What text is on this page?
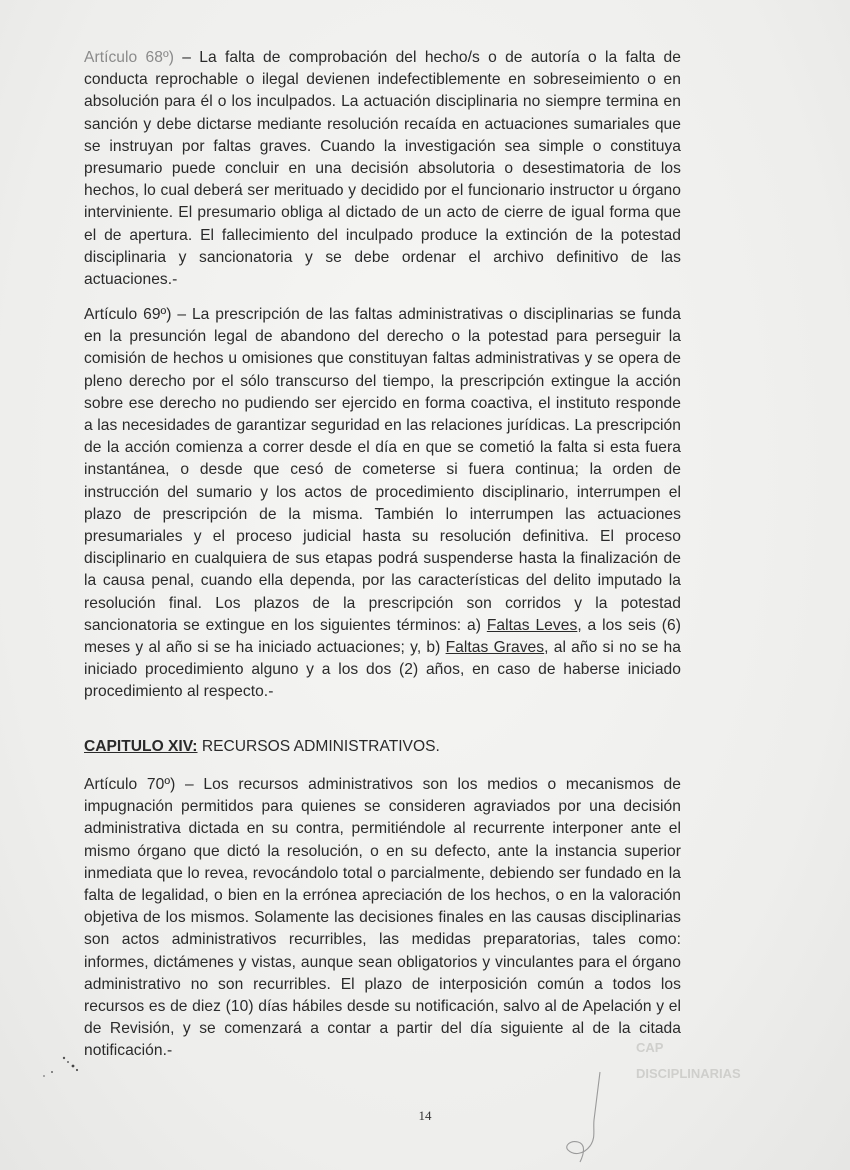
Artículo 68º) – La falta de comprobación del hecho/s o de autoría o la falta de conducta reprochable o ilegal devienen indefectiblemente en sobreseimiento o en absolución para él o los inculpados. La actuación disciplinaria no siempre termina en sanción y debe dictarse mediante resolución recaída en actuaciones sumariales que se instruyan por faltas graves. Cuando la investigación sea simple o constituya presumario puede concluir en una decisión absolutoria o desestimatoria de los hechos, lo cual deberá ser merituado y decidido por el funcionario instructor u órgano interviniente. El presumario obliga al dictado de un acto de cierre de igual forma que el de apertura. El fallecimiento del inculpado produce la extinción de la potestad disciplinaria y sancionatoria y se debe ordenar el archivo definitivo de las actuaciones.-
Artículo 69º) – La prescripción de las faltas administrativas o disciplinarias se funda en la presunción legal de abandono del derecho o la potestad para perseguir la comisión de hechos u omisiones que constituyan faltas administrativas y se opera de pleno derecho por el sólo transcurso del tiempo, la prescripción extingue la acción sobre ese derecho no pudiendo ser ejercido en forma coactiva, el instituto responde a las necesidades de garantizar seguridad en las relaciones jurídicas. La prescripción de la acción comienza a correr desde el día en que se cometió la falta si esta fuera instantánea, o desde que cesó de cometerse si fuera continua; la orden de instrucción del sumario y los actos de procedimiento disciplinario, interrumpen el plazo de prescripción de la misma. También lo interrumpen las actuaciones presumariales y el proceso judicial hasta su resolución definitiva. El proceso disciplinario en cualquiera de sus etapas podrá suspenderse hasta la finalización de la causa penal, cuando ella dependa, por las características del delito imputado la resolución final. Los plazos de la prescripción son corridos y la potestad sancionatoria se extingue en los siguientes términos: a) Faltas Leves, a los seis (6) meses y al año si se ha iniciado actuaciones; y, b) Faltas Graves, al año si no se ha iniciado procedimiento alguno y a los dos (2) años, en caso de haberse iniciado procedimiento al respecto.-
CAPITULO XIV: RECURSOS ADMINISTRATIVOS.
Artículo 70º) – Los recursos administrativos son los medios o mecanismos de impugnación permitidos para quienes se consideren agraviados por una decisión administrativa dictada en su contra, permitiéndole al recurrente interponer ante el mismo órgano que dictó la resolución, o en su defecto, ante la instancia superior inmediata que lo revea, revocándolo total o parcialmente, debiendo ser fundado en la falta de legalidad, o bien en la errónea apreciación de los hechos, o en la valoración objetiva de los mismos. Solamente las decisiones finales en las causas disciplinarias son actos administrativos recurribles, las medidas preparatorias, tales como: informes, dictámenes y vistas, aunque sean obligatorios y vinculantes para el órgano administrativo no son recurribles. El plazo de interposición común a todos los recursos es de diez (10) días hábiles desde su notificación, salvo al de Apelación y el de Revisión, y se comenzará a contar a partir del día siguiente al de la citada notificación.-	CAP
DISCIPLINARIAS
14
